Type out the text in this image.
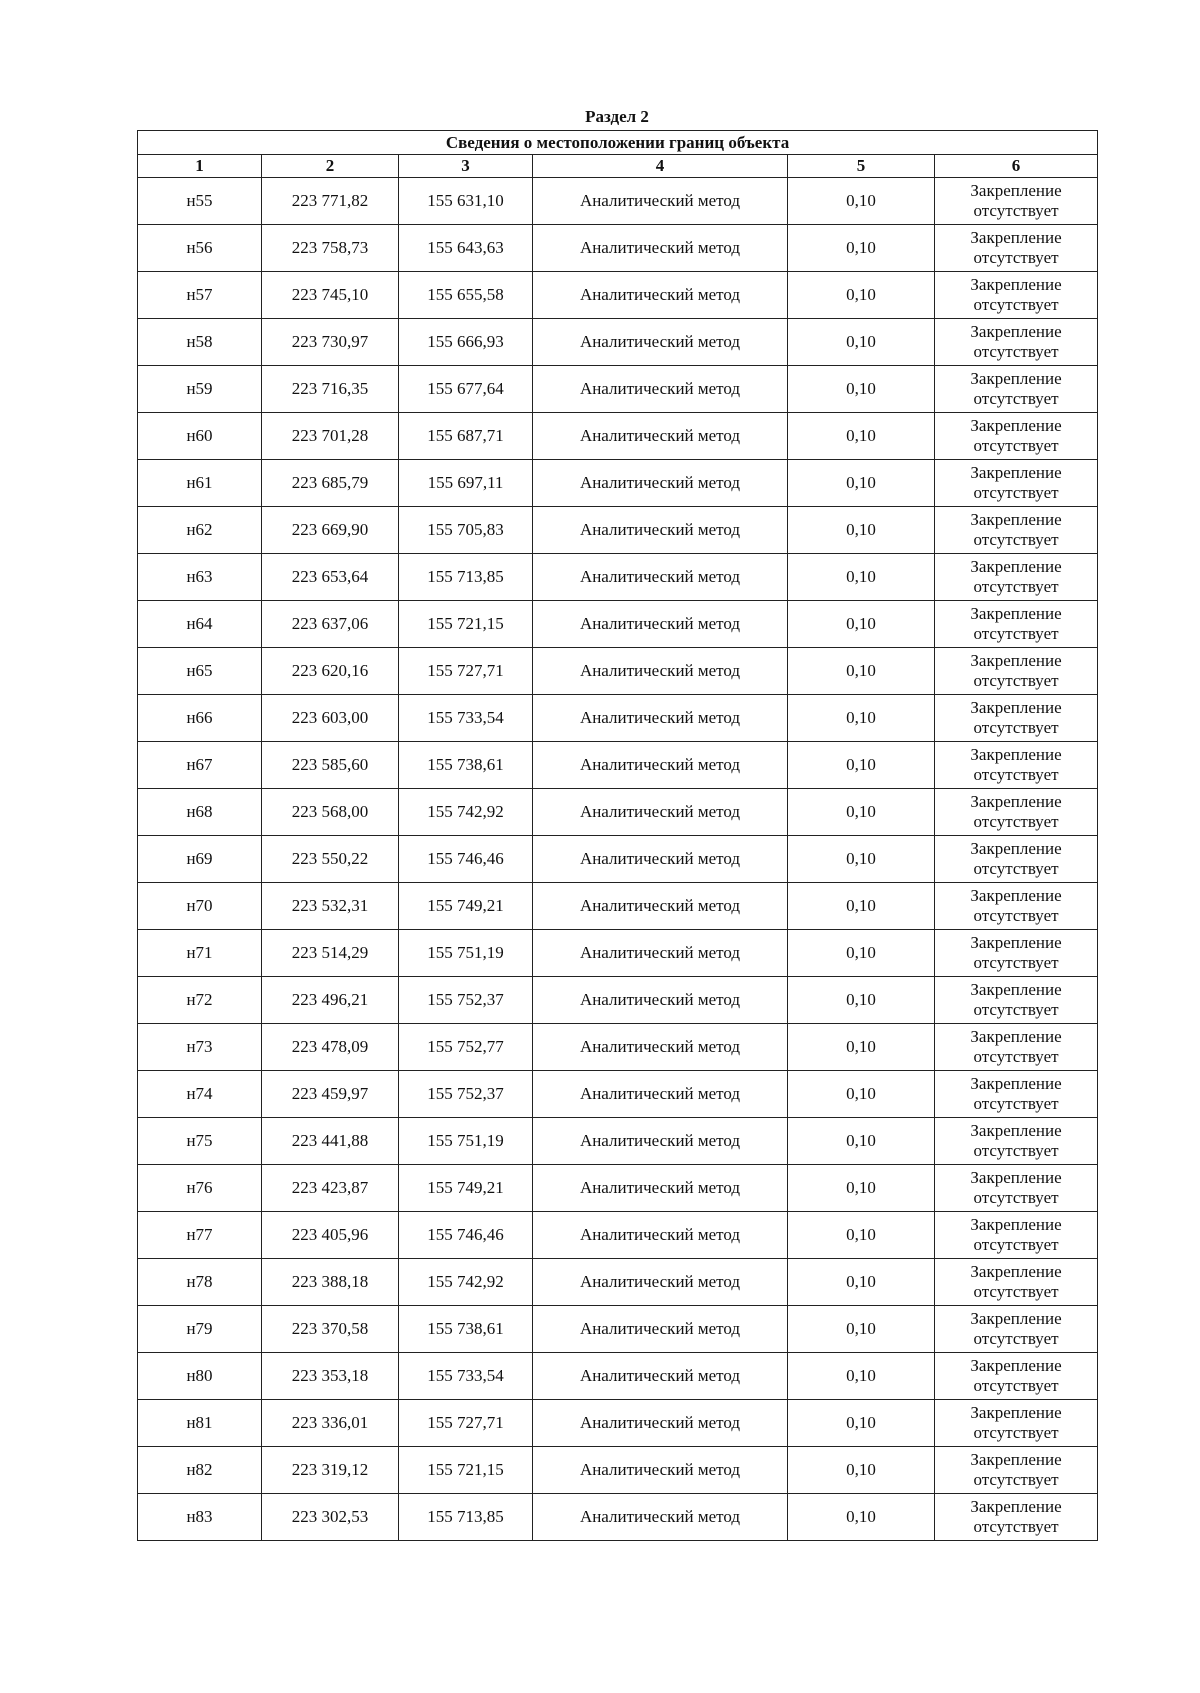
Раздел 2
Сведения о местоположении границ объекта					
1	2	3	4	5	6
н55	223 771,82	155 631,10	Аналитический метод	0,10	Закрепление отсутствует
н56	223 758,73	155 643,63	Аналитический метод	0,10	Закрепление отсутствует
н57	223 745,10	155 655,58	Аналитический метод	0,10	Закрепление отсутствует
н58	223 730,97	155 666,93	Аналитический метод	0,10	Закрепление отсутствует
н59	223 716,35	155 677,64	Аналитический метод	0,10	Закрепление отсутствует
н60	223 701,28	155 687,71	Аналитический метод	0,10	Закрепление отсутствует
н61	223 685,79	155 697,11	Аналитический метод	0,10	Закрепление отсутствует
н62	223 669,90	155 705,83	Аналитический метод	0,10	Закрепление отсутствует
н63	223 653,64	155 713,85	Аналитический метод	0,10	Закрепление отсутствует
н64	223 637,06	155 721,15	Аналитический метод	0,10	Закрепление отсутствует
н65	223 620,16	155 727,71	Аналитический метод	0,10	Закрепление отсутствует
н66	223 603,00	155 733,54	Аналитический метод	0,10	Закрепление отсутствует
н67	223 585,60	155 738,61	Аналитический метод	0,10	Закрепление отсутствует
н68	223 568,00	155 742,92	Аналитический метод	0,10	Закрепление отсутствует
н69	223 550,22	155 746,46	Аналитический метод	0,10	Закрепление отсутствует
н70	223 532,31	155 749,21	Аналитический метод	0,10	Закрепление отсутствует
н71	223 514,29	155 751,19	Аналитический метод	0,10	Закрепление отсутствует
н72	223 496,21	155 752,37	Аналитический метод	0,10	Закрепление отсутствует
н73	223 478,09	155 752,77	Аналитический метод	0,10	Закрепление отсутствует
н74	223 459,97	155 752,37	Аналитический метод	0,10	Закрепление отсутствует
н75	223 441,88	155 751,19	Аналитический метод	0,10	Закрепление отсутствует
н76	223 423,87	155 749,21	Аналитический метод	0,10	Закрепление отсутствует
н77	223 405,96	155 746,46	Аналитический метод	0,10	Закрепление отсутствует
н78	223 388,18	155 742,92	Аналитический метод	0,10	Закрепление отсутствует
н79	223 370,58	155 738,61	Аналитический метод	0,10	Закрепление отсутствует
н80	223 353,18	155 733,54	Аналитический метод	0,10	Закрепление отсутствует
н81	223 336,01	155 727,71	Аналитический метод	0,10	Закрепление отсутствует
н82	223 319,12	155 721,15	Аналитический метод	0,10	Закрепление отсутствует
н83	223 302,53	155 713,85	Аналитический метод	0,10	Закрепление отсутствует
